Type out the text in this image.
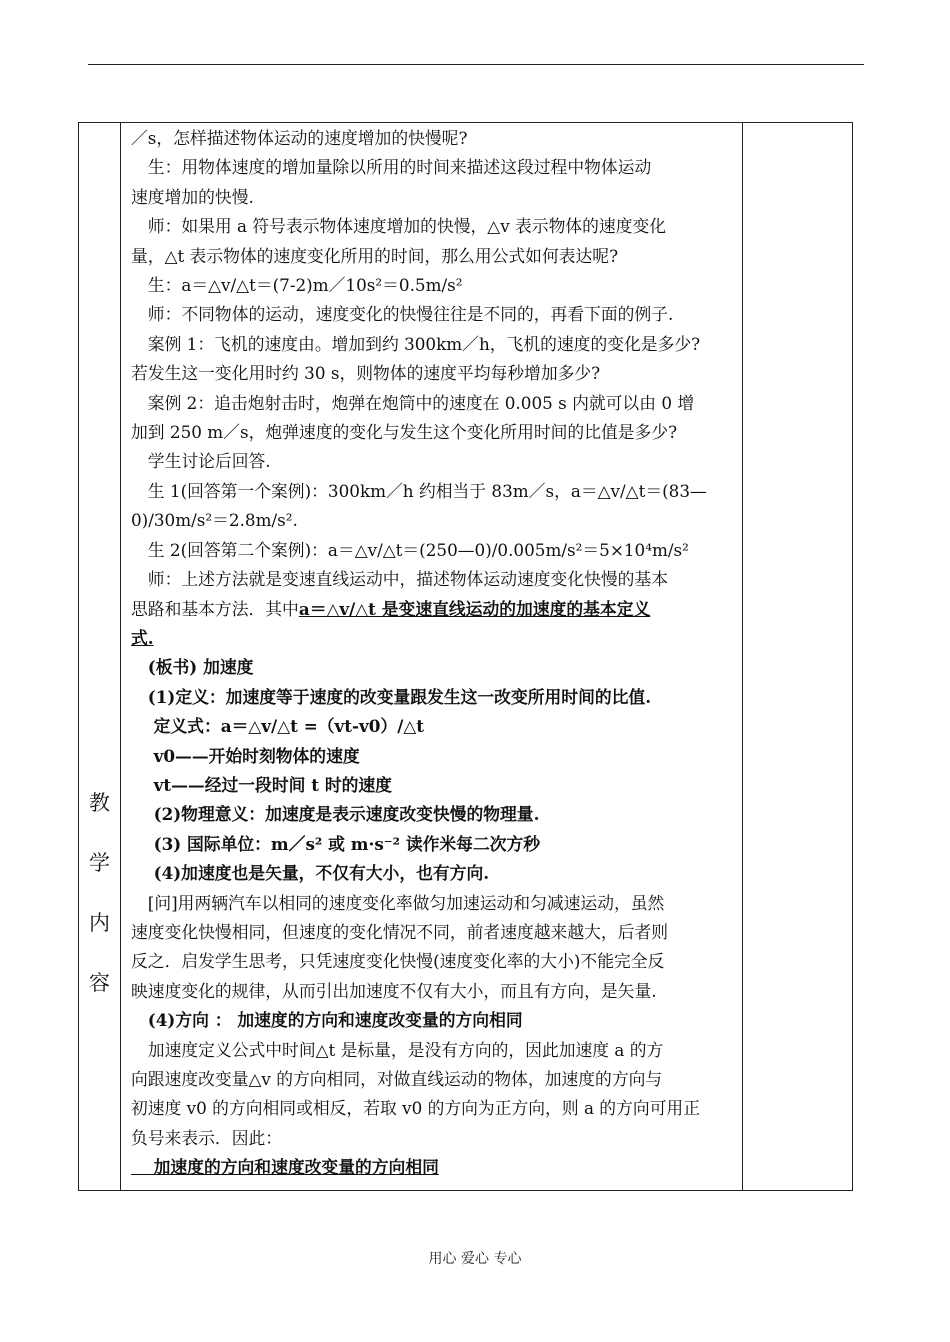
教
学
内
容

／s，怎样描述物体运动的速度增加的快慢呢?

　生：用物体速度的增加量除以所用的时间来描述这段过程中物体运动

速度增加的快慢.

　师：如果用 a 符号表示物体速度增加的快慢，△v 表示物体的速度变化

量，△t 表示物体的速度变化所用的时间，那么用公式如何表达呢?

　生：a＝△v/△t＝(7-2)m／10s²＝0.5m/s²

　师：不同物体的运动，速度变化的快慢往往是不同的，再看下面的例子.

　案例 1：飞机的速度由。增加到约 300km／h，飞机的速度的变化是多少?

若发生这一变化用时约 30 s，则物体的速度平均每秒增加多少?

　案例 2：追击炮射击时，炮弹在炮筒中的速度在 0.005 s 内就可以由 0 增

加到 250 m／s，炮弹速度的变化与发生这个变化所用时间的比值是多少?

　学生讨论后回答.

　生 1(回答第一个案例)：300km／h 约相当于 83m／s，a＝△v/△t＝(83—

0)/30m/s²＝2.8m/s².

　生 2(回答第二个案例)：a＝△v/△t＝(250—0)/0.005m/s²＝5×10⁴m/s²

　师：上述方法就是变速直线运动中，描述物体运动速度变化快慢的基本

思路和基本方法．其中a＝△v/△t 是变速直线运动的加速度的基本定义

式.

　(板书) 加速度

　(1)定义：加速度等于速度的改变量跟发生这一改变所用时间的比值.

　 定义式：a＝△v/△t =（vt-v0）/△t

　 v0——开始时刻物体的速度

　 vt——经过一段时间 t 时的速度

　 (2)物理意义：加速度是表示速度改变快慢的物理量.

　 (3) 国际单位：m／s² 或 m·s⁻² 读作米每二次方秒

　 (4)加速度也是矢量，不仅有大小，也有方向.

　[问]用两辆汽车以相同的速度变化率做匀加速运动和匀减速运动，虽然

速度变化快慢相同，但速度的变化情况不同，前者速度越来越大，后者则

反之．启发学生思考，只凭速度变化快慢(速度变化率的大小)不能完全反

映速度变化的规律，从而引出加速度不仅有大小，而且有方向，是矢量.

　(4)方向 ： 加速度的方向和速度改变量的方向相同

　加速度定义公式中时间△t 是标量，是没有方向的，因此加速度 a 的方

向跟速度改变量△v 的方向相同，对做直线运动的物体，加速度的方向与

初速度 v0 的方向相同或相反，若取 v0 的方向为正方向，则 a 的方向可用正

负号来表示．因此：

　 加速度的方向和速度改变量的方向相同

用心 爱心 专心
